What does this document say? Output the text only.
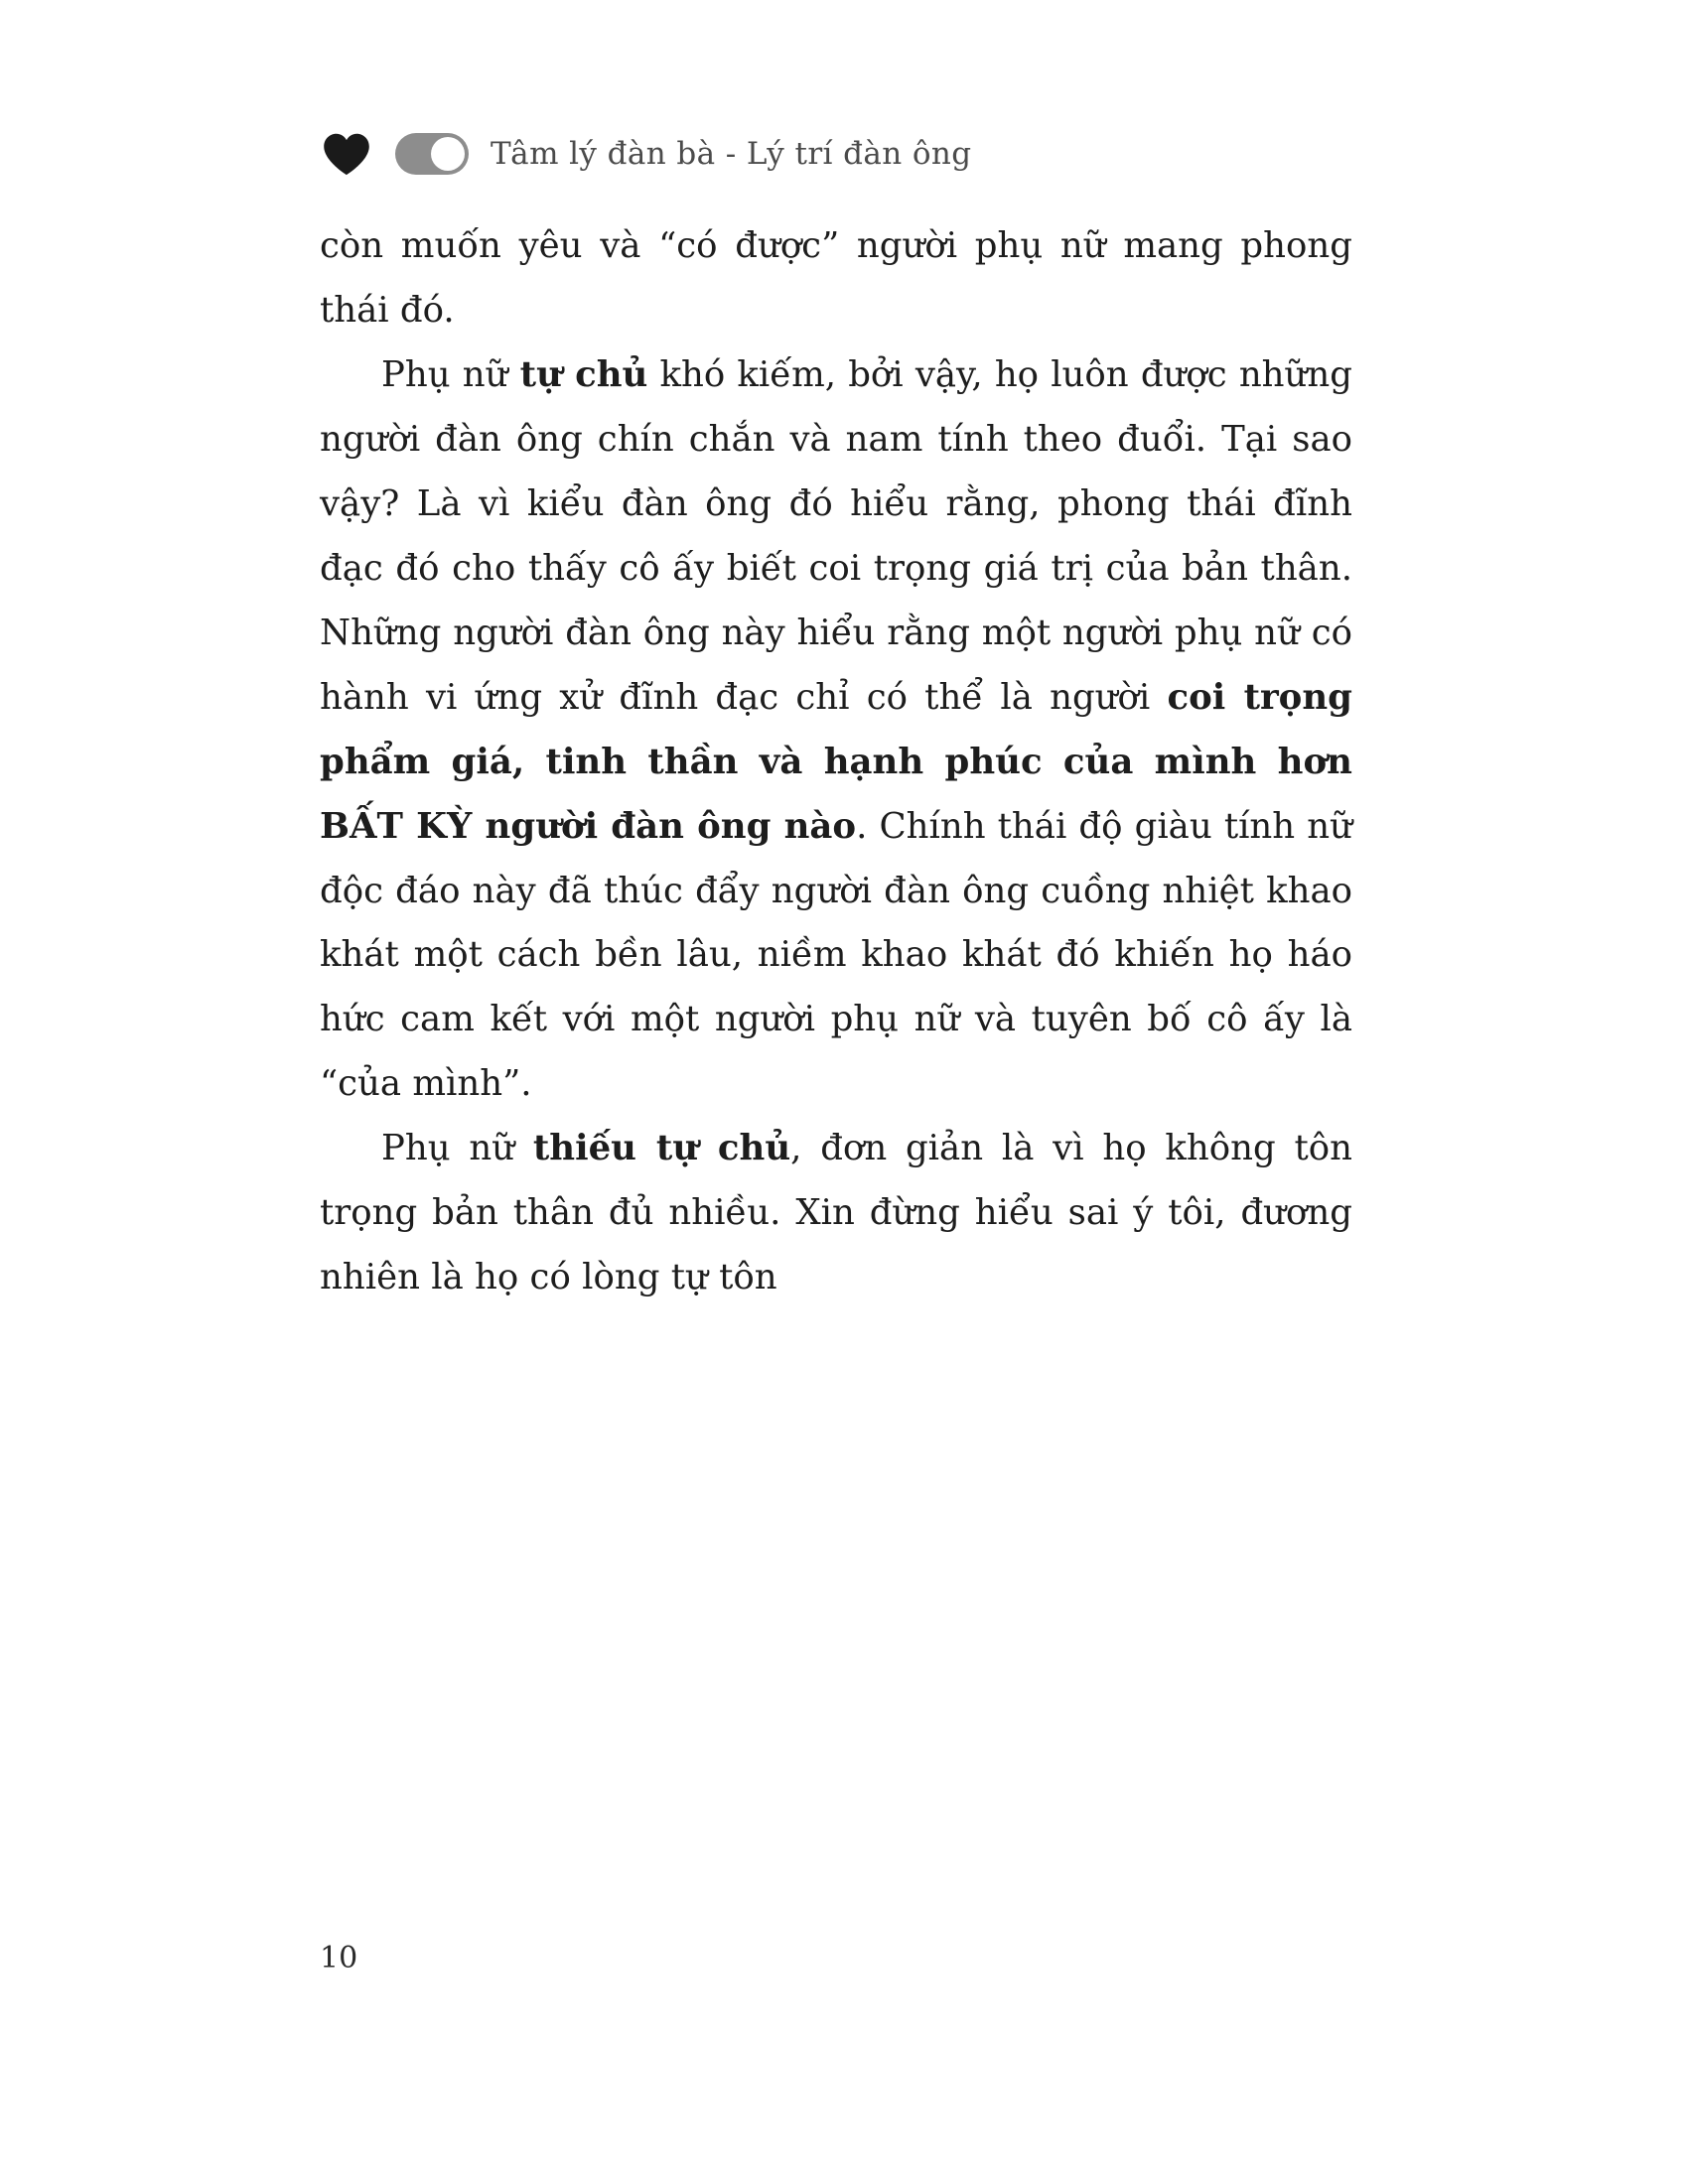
Tâm lý đàn bà - Lý trí đàn ông

còn muốn yêu và “có được” người phụ nữ mang phong thái đó.

Phụ nữ tự chủ khó kiếm, bởi vậy, họ luôn được những người đàn ông chín chắn và nam tính theo đuổi. Tại sao vậy? Là vì kiểu đàn ông đó hiểu rằng, phong thái đĩnh đạc đó cho thấy cô ấy biết coi trọng giá trị của bản thân. Những người đàn ông này hiểu rằng một người phụ nữ có hành vi ứng xử đĩnh đạc chỉ có thể là người coi trọng phẩm giá, tinh thần và hạnh phúc của mình hơn BẤT KỲ người đàn ông nào. Chính thái độ giàu tính nữ độc đáo này đã thúc đẩy người đàn ông cuồng nhiệt khao khát một cách bền lâu, niềm khao khát đó khiến họ háo hức cam kết với một người phụ nữ và tuyên bố cô ấy là “của mình”.

Phụ nữ thiếu tự chủ, đơn giản là vì họ không tôn trọng bản thân đủ nhiều. Xin đừng hiểu sai ý tôi, đương nhiên là họ có lòng tự tôn

10
